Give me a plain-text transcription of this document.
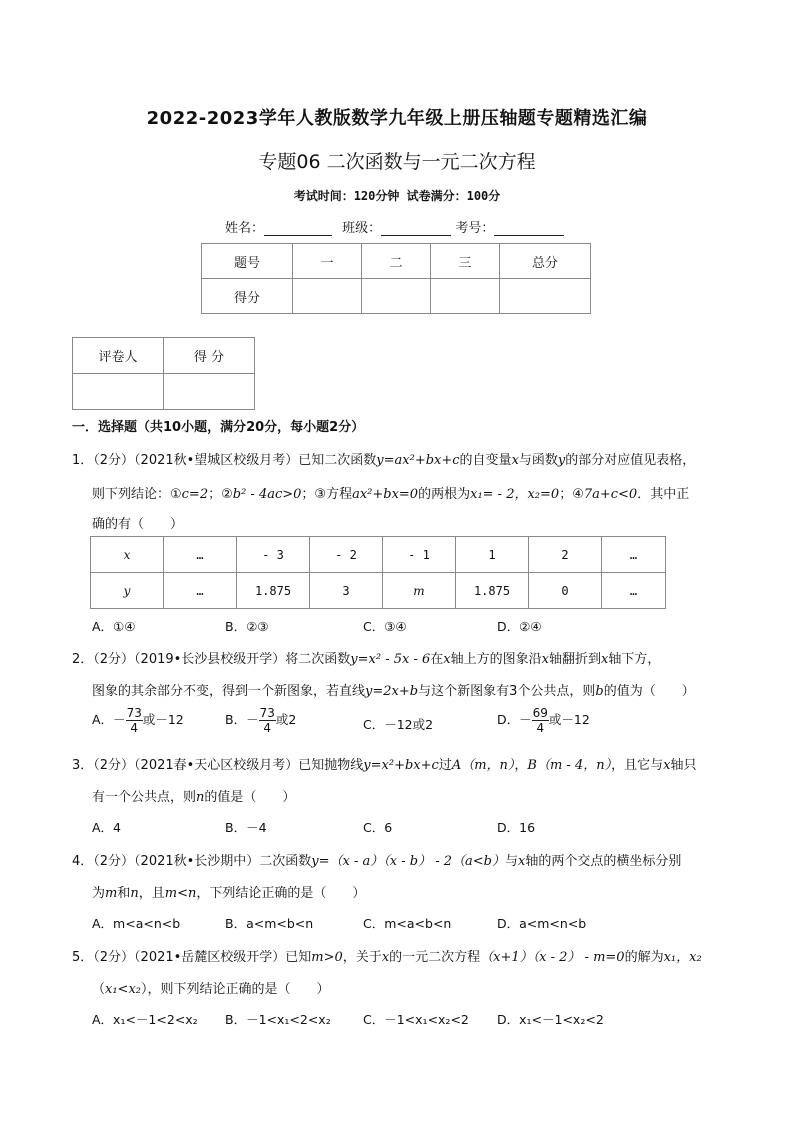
2022-2023学年人教版数学九年级上册压轴题专题精选汇编
专题06 二次函数与一元二次方程
考试时间：120分钟 试卷满分：100分
姓名：	班级：	考号：
题号	一	二	三	总分
得分				
评卷人	得 分

一．选择题（共10小题，满分20分，每小题2分）
1．（2分）（2021秋•望城区校级月考）已知二次函数y=ax²+bx+c的自变量x与函数y的部分对应值见表格，
则下列结论：①c=2；②b² - 4ac>0；③方程ax²+bx=0的两根为x₁= - 2，x₂=0；④7a+c<0．其中正
确的有（　　）
x	…	- 3	- 2	- 1	1	2	…
y	…	1.875	3	m	1.875	0	…
A．①④	B．②③	C．③④	D．②④
2．（2分）（2019•长沙县校级开学）将二次函数y=x² - 5x - 6在x轴上方的图象沿x轴翻折到x轴下方，
图象的其余部分不变，得到一个新图象，若直线y=2x+b与这个新图象有3个公共点，则b的值为（　　）
A．－ $\frac{73}{4}$ 或－12	B．－ $\frac{73}{4}$ 或2	C．－12或2	D．－ $\frac{69}{4}$ 或－12
3．（2分）（2021春•天心区校级月考）已知抛物线y=x²+bx+c过A（m，n），B（m - 4，n），且它与x轴只
有一个公共点，则n的值是（　　）
A．4	B．－4	C．6	D．16
4．（2分）（2021秋•长沙期中）二次函数y=（x - a）（x - b） - 2（a<b）与x轴的两个交点的横坐标分别
为m和n，且m<n，下列结论正确的是（　　）
A．m<a<n<b	B．a<m<b<n	C．m<a<b<n	D．a<m<n<b
5．（2分）（2021•岳麓区校级开学）已知m>0，关于x的一元二次方程（x+1）（x - 2） - m=0的解为x₁，x₂
（x₁<x₂），则下列结论正确的是（　　）
A．x₁<－1<2<x₂ B．－1<x₁<2<x₂	C．－1<x₁<x₂<2 D．x₁<－1<x₂<2
